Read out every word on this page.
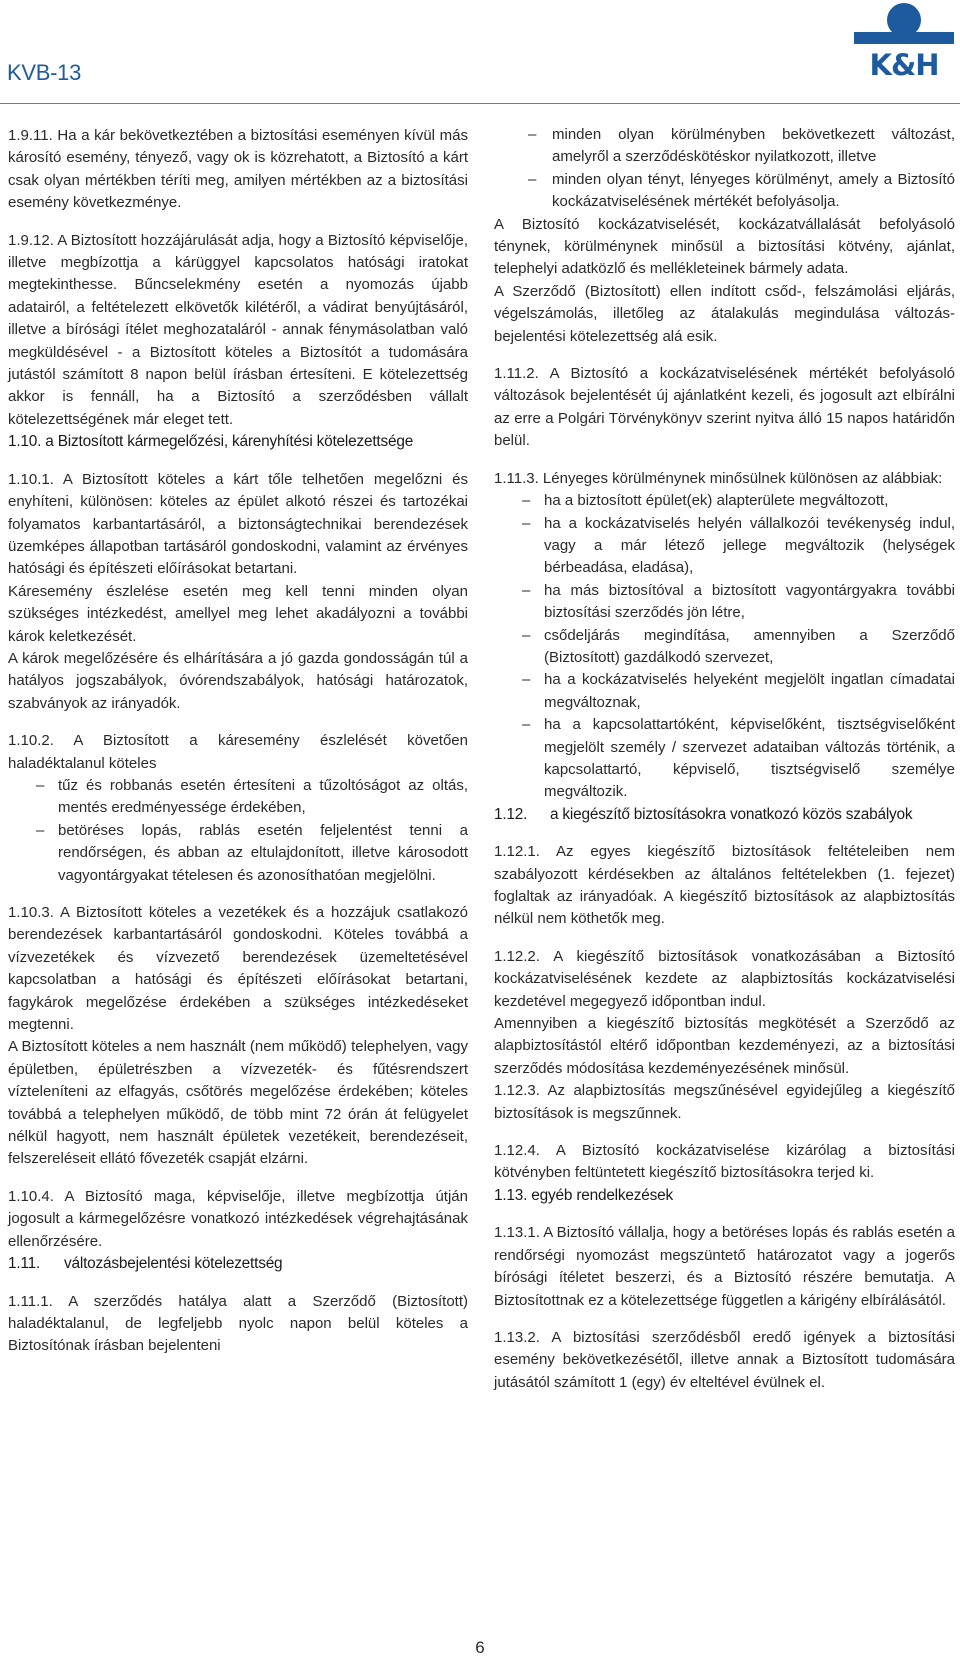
KVB-13	K&H

1.9.11. Ha a kár bekövetkeztében a biztosítási eseményen kívül más károsító esemény, tényező, vagy ok is közrehatott, a Biztosító a kárt csak olyan mértékben téríti meg, amilyen mértékben az a biztosítási esemény következménye.

1.9.12. A Biztosított hozzájárulását adja, hogy a Biztosító képviselője, illetve megbízottja a kárüggyel kapcsolatos hatósági iratokat megtekinthesse. Bűncselekmény esetén a nyomozás újabb adatairól, a feltételezett elkövetők kilétéről, a vádirat benyújtásáról, illetve a bírósági ítélet meghozataláról - annak fénymásolatban való megküldésével - a Biztosított köteles a Biztosítót a tudomására jutástól számított 8 napon belül írásban értesíteni. E kötelezettség akkor is fennáll, ha a Biztosító a szerződésben vállalt kötelezettségének már eleget tett.

1.10. a Biztosított kármegelőzési, kárenyhítési kötelezettsége

1.10.1. A Biztosított köteles a kárt tőle telhetően megelőzni és enyhíteni, különösen: köteles az épület alkotó részei és tartozékai folyamatos karbantartásáról, a biztonságtechnikai berendezések üzemképes állapotban tartásáról gondoskodni, valamint az érvényes hatósági és építészeti előírásokat betartani.

Káresemény észlelése esetén meg kell tenni minden olyan szükséges intézkedést, amellyel meg lehet akadályozni a további károk keletkezését.

A károk megelőzésére és elhárítására a jó gazda gondosságán túl a hatályos jogszabályok, óvórendszabályok, hatósági határozatok, szabványok az irányadók.

1.10.2. A Biztosított a káresemény észlelését követően haladéktalanul köteles

– tűz és robbanás esetén értesíteni a tűzoltóságot az oltás, mentés eredményessége érdekében,
– betöréses lopás, rablás esetén feljelentést tenni a rendőrségen, és abban az eltulajdonított, illetve károsodott vagyontárgyakat tételesen és azonosíthatóan megjelölni.

1.10.3. A Biztosított köteles a vezetékek és a hozzájuk csatlakozó berendezések karbantartásáról gondoskodni. Köteles továbbá a vízvezetékek és vízvezető berendezések üzemeltetésével kapcsolatban a hatósági és építészeti előírásokat betartani, fagykárok megelőzése érdekében a szükséges intézkedéseket megtenni.

A Biztosított köteles a nem használt (nem működő) telephelyen, vagy épületben, épületrészben a vízvezeték- és fűtésrendszert vízteleníteni az elfagyás, csőtörés megelőzése érdekében; köteles továbbá a telephelyen működő, de több mint 72 órán át felügyelet nélkül hagyott, nem használt épületek vezetékeit, berendezéseit, felszereléseit ellátó fővezeték csapját elzárni.

1.10.4. A Biztosító maga, képviselője, illetve megbízottja útján jogosult a kármegelőzésre vonatkozó intézkedések végrehajtásának ellenőrzésére.

1.11. változásbejelentési kötelezettség

1.11.1. A szerződés hatálya alatt a Szerződő (Biztosított) haladéktalanul, de legfeljebb nyolc napon belül köteles a Biztosítónak írásban bejelenteni

– minden olyan körülményben bekövetkezett változást, amelyről a szerződéskötéskor nyilatkozott, illetve
– minden olyan tényt, lényeges körülményt, amely a Biztosító kockázatviselésének mértékét befolyásolja.

A Biztosító kockázatviselését, kockázatvállalását befolyásoló ténynek, körülménynek minősül a biztosítási kötvény, ajánlat, telephelyi adatközlő és mellékleteinek bármely adata.

A Szerződő (Biztosított) ellen indított csőd-, felszámolási eljárás, végelszámolás, illetőleg az átalakulás megindulása változás-bejelentési kötelezettség alá esik.

1.11.2. A Biztosító a kockázatviselésének mértékét befolyásoló változások bejelentését új ajánlatként kezeli, és jogosult azt elbírálni az erre a Polgári Törvénykönyv szerint nyitva álló 15 napos határidőn belül.

1.11.3. Lényeges körülménynek minősülnek különösen az alábbiak:

– ha a biztosított épület(ek) alapterülete megváltozott,
– ha a kockázatviselés helyén vállalkozói tevékenység indul, vagy a már létező jellege megváltozik (helységek bérbeadása, eladása),
– ha más biztosítóval a biztosított vagyontárgyakra további biztosítási szerződés jön létre,
– csődeljárás megindítása, amennyiben a Szerződő (Biztosított) gazdálkodó szervezet,
– ha a kockázatviselés helyeként megjelölt ingatlan címadatai megváltoznak,
– ha a kapcsolattartóként, képviselőként, tisztségviselőként megjelölt személy / szervezet adataiban változás történik, a kapcsolattartó, képviselő, tisztségviselő személye megváltozik.
1.12. a kiegészítő biztosításokra vonatkozó közös szabályok

1.12.1. Az egyes kiegészítő biztosítások feltételeiben nem szabályozott kérdésekben az általános feltételekben (1. fejezet) foglaltak az irányadóak. A kiegészítő biztosítások az alapbiztosítás nélkül nem köthetők meg.

1.12.2. A kiegészítő biztosítások vonatkozásában a Biztosító kockázatviselésének kezdete az alapbiztosítás kockázatviselési kezdetével megegyező időpontban indul.

Amennyiben a kiegészítő biztosítás megkötését a Szerződő az alapbiztosítástól eltérő időpontban kezdeményezi, az a biztosítási szerződés módosítása kezdeményezésének minősül.

1.12.3. Az alapbiztosítás megszűnésével egyidejűleg a kiegészítő biztosítások is megszűnnek.

1.12.4. A Biztosító kockázatviselése kizárólag a biztosítási kötvényben feltüntetett kiegészítő biztosításokra terjed ki.

1.13. egyéb rendelkezések

1.13.1. A Biztosító vállalja, hogy a betöréses lopás és rablás esetén a rendőrségi nyomozást megszüntető határozatot vagy a jogerős bírósági ítéletet beszerzi, és a Biztosító részére bemutatja. A Biztosítottnak ez a kötelezettsége független a kárigény elbírálásától.

1.13.2. A biztosítási szerződésből eredő igények a biztosítási esemény bekövetkezésétől, illetve annak a Biztosított tudomására jutásától számított 1 (egy) év elteltével évülnek el.

6
